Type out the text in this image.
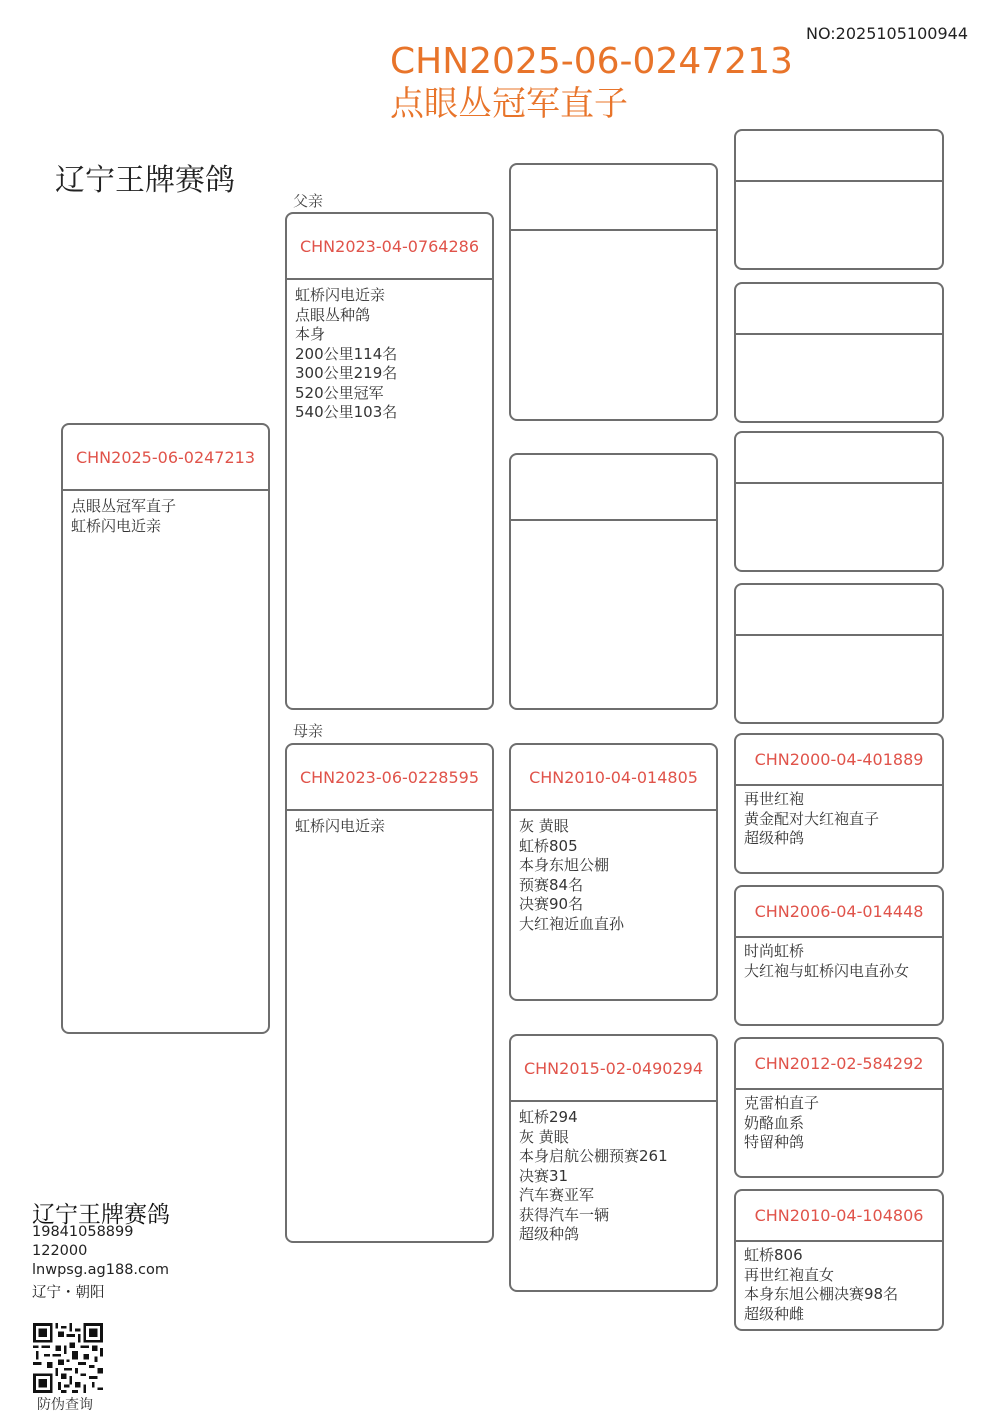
NO:2025105100944
CHN2025-06-0247213
点眼丛冠军直子
辽宁王牌赛鸽
父亲
母亲
CHN2025-06-0247213
点眼丛冠军直子
虹桥闪电近亲
CHN2023-04-0764286
虹桥闪电近亲
点眼丛种鸽
本身
200公里114名
300公里219名
520公里冠军
540公里103名
CHN2023-06-0228595
虹桥闪电近亲
CHN2010-04-014805
灰 黄眼
虹桥805
本身东旭公棚
预赛84名
决赛90名
大红袍近血直孙
CHN2015-02-0490294
虹桥294
灰 黄眼
本身启航公棚预赛261
决赛31
汽车赛亚军
获得汽车一辆
超级种鸽
CHN2000-04-401889
再世红袍
黄金配对大红袍直子
超级种鸽
CHN2006-04-014448
时尚虹桥
大红袍与虹桥闪电直孙女
CHN2012-02-584292
克雷柏直子
奶酪血系
特留种鸽
CHN2010-04-104806
虹桥806
再世红袍直女
本身东旭公棚决赛98名
超级种雌
辽宁王牌赛鸽
19841058899
122000
lnwpsg.ag188.com
辽宁・朝阳
防伪查询
